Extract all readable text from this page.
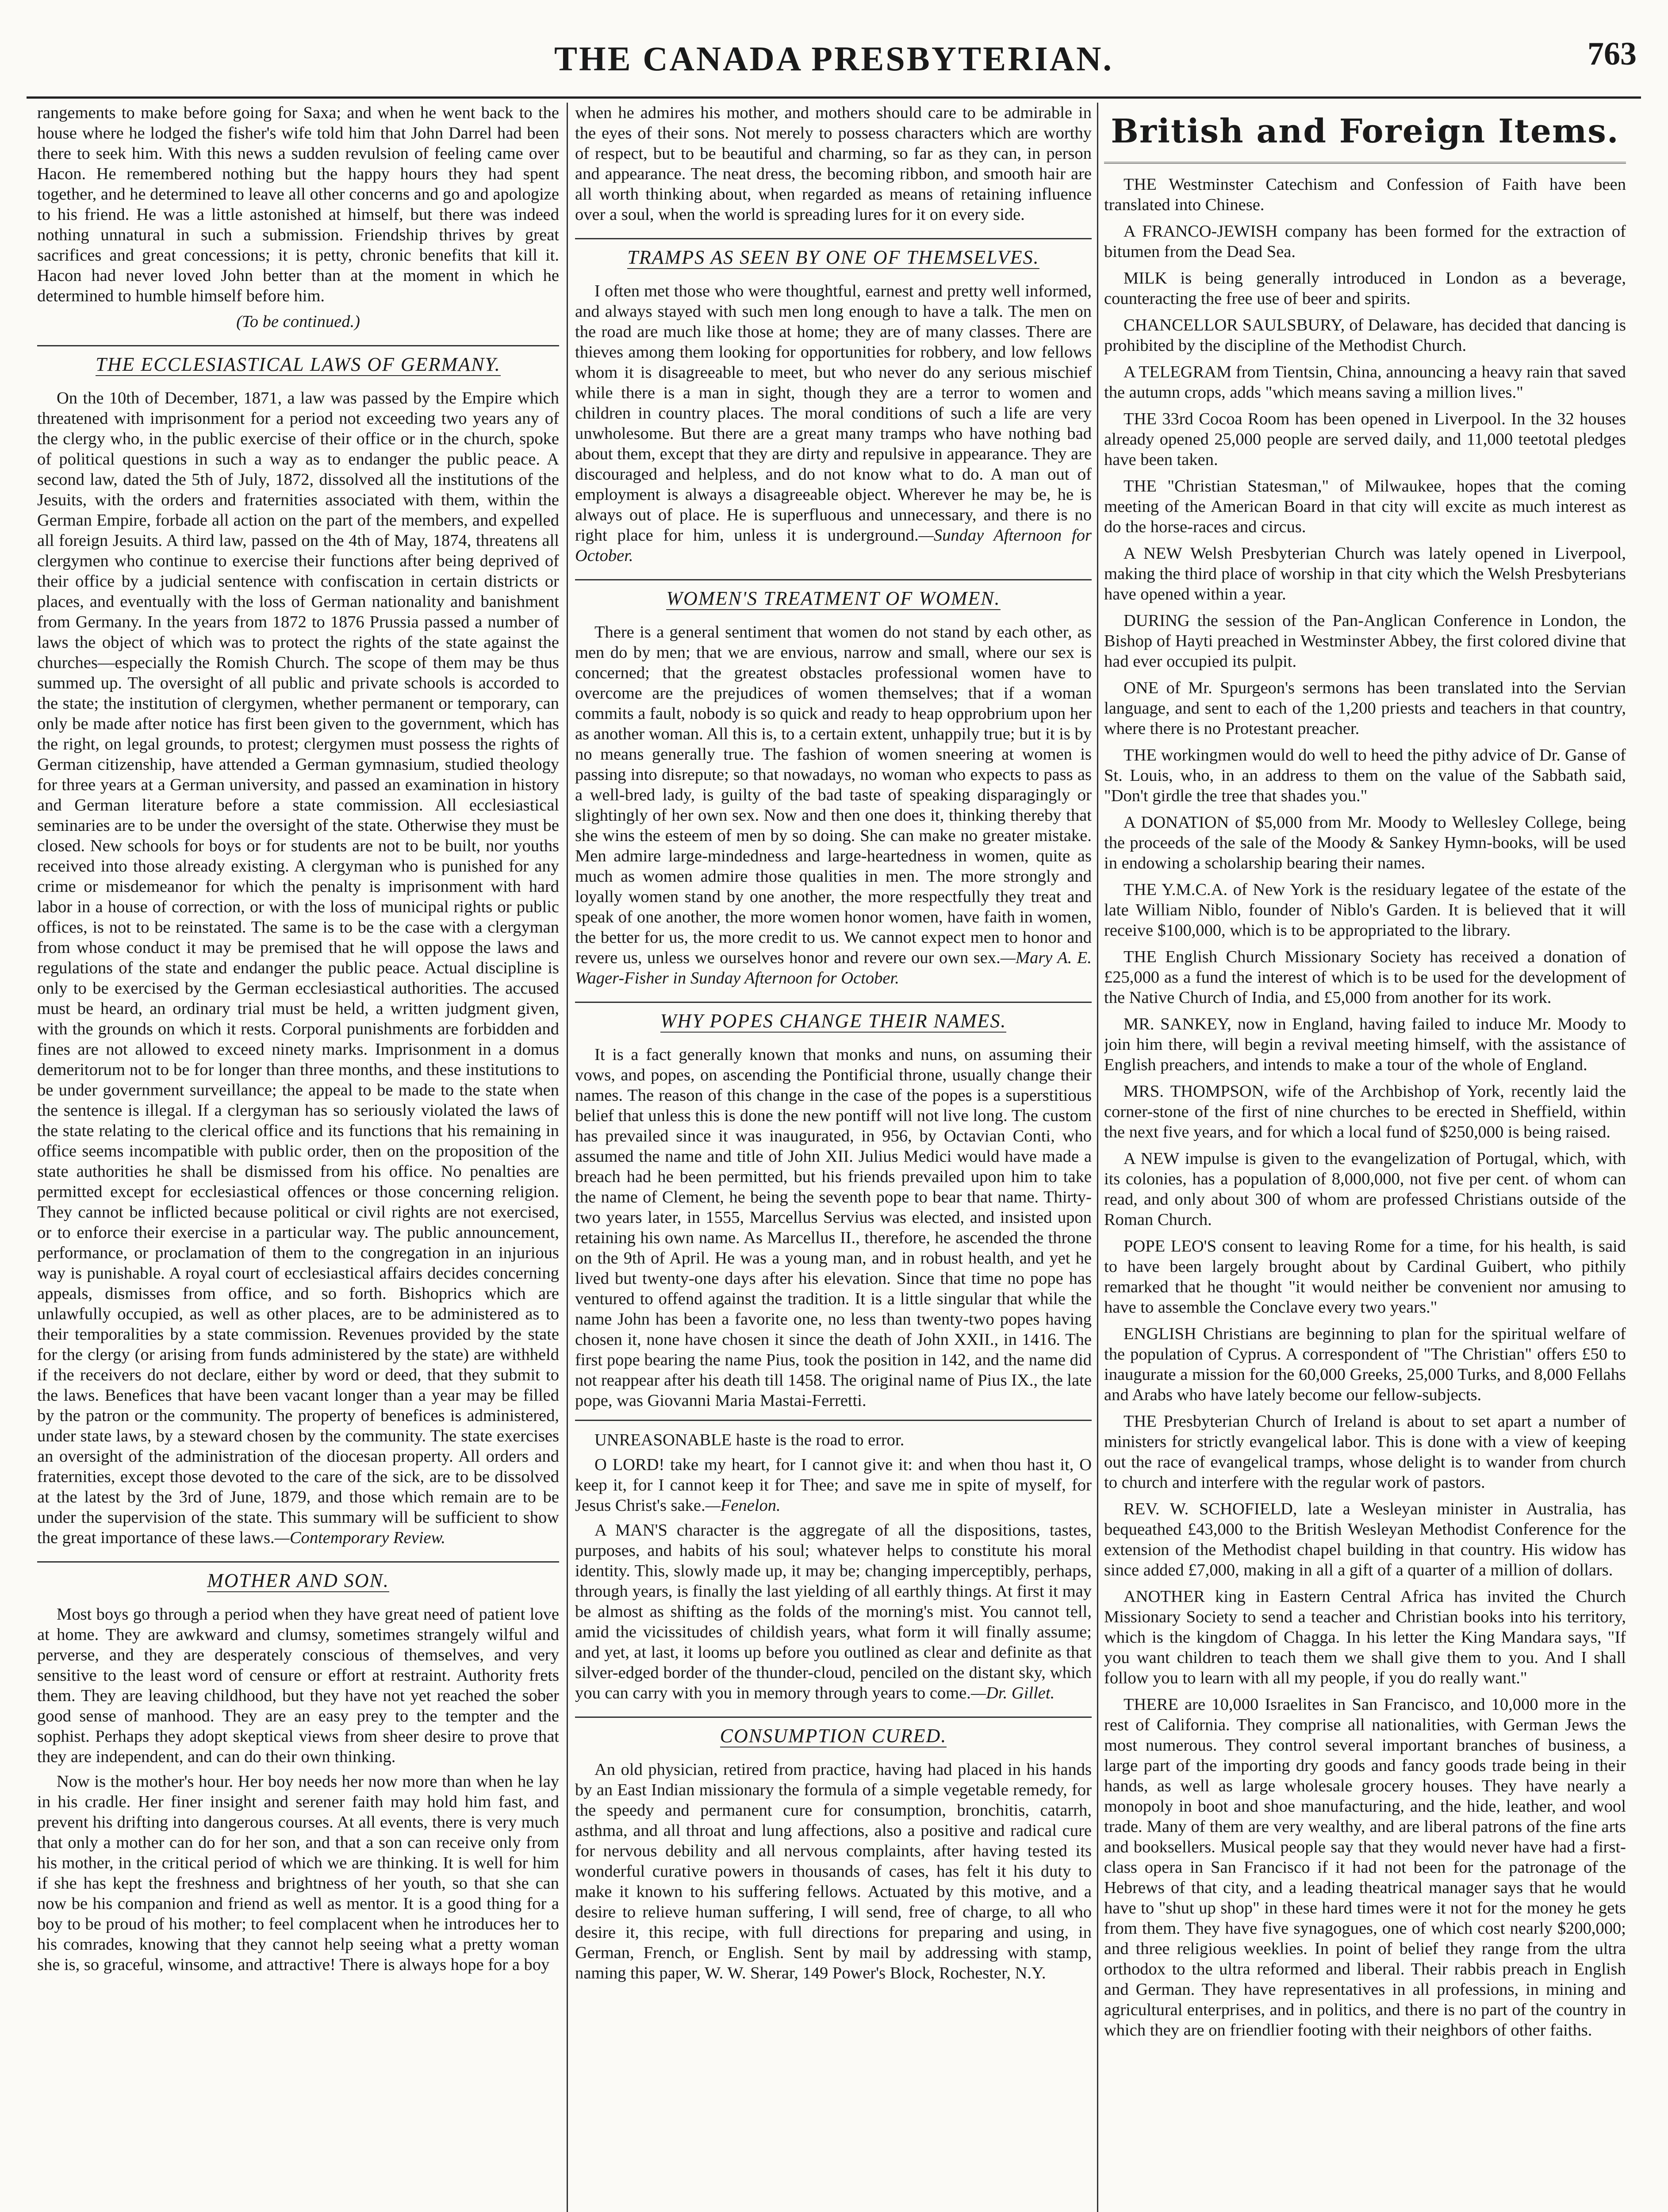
THE CANADA PRESBYTERIAN.	763

rangements to make before going for Saxa; and when he went back to the house where he lodged the fisher's wife told him that John Darrel had been there to seek him. With this news a sudden revulsion of feeling came over Hacon. He remembered nothing but the happy hours they had spent together, and he determined to leave all other concerns and go and apologize to his friend. He was a little astonished at himself, but there was indeed nothing unnatural in such a submission. Friendship thrives by great sacrifices and great concessions; it is petty, chronic benefits that kill it. Hacon had never loved John better than at the moment in which he determined to humble himself before him.

(To be continued.)

THE ECCLESIASTICAL LAWS OF GERMANY.

On the 10th of December, 1871, a law was passed by the Empire which threatened with imprisonment for a period not exceeding two years any of the clergy who, in the public exercise of their office or in the church, spoke of political questions in such a way as to endanger the public peace. A second law, dated the 5th of July, 1872, dissolved all the institutions of the Jesuits, with the orders and fraternities associated with them, within the German Empire, forbade all action on the part of the members, and expelled all foreign Jesuits. A third law, passed on the 4th of May, 1874, threatens all clergymen who continue to exercise their functions after being deprived of their office by a judicial sentence with confiscation in certain districts or places, and eventually with the loss of German nationality and banishment from Germany. In the years from 1872 to 1876 Prussia passed a number of laws the object of which was to protect the rights of the state against the churches—especially the Romish Church. The scope of them may be thus summed up. The oversight of all public and private schools is accorded to the state; the institution of clergymen, whether permanent or temporary, can only be made after notice has first been given to the government, which has the right, on legal grounds, to protest; clergymen must possess the rights of German citizenship, have attended a German gymnasium, studied theology for three years at a German university, and passed an examination in history and German literature before a state commission. All ecclesiastical seminaries are to be under the oversight of the state. Otherwise they must be closed. New schools for boys or for students are not to be built, nor youths received into those already existing. A clergyman who is punished for any crime or misdemeanor for which the penalty is imprisonment with hard labor in a house of correction, or with the loss of municipal rights or public offices, is not to be reinstated. The same is to be the case with a clergyman from whose conduct it may be premised that he will oppose the laws and regulations of the state and endanger the public peace. Actual discipline is only to be exercised by the German ecclesiastical authorities. The accused must be heard, an ordinary trial must be held, a written judgment given, with the grounds on which it rests. Corporal punishments are forbidden and fines are not allowed to exceed ninety marks. Imprisonment in a domus demeritorum not to be for longer than three months, and these institutions to be under government surveillance; the appeal to be made to the state when the sentence is illegal. If a clergyman has so seriously violated the laws of the state relating to the clerical office and its functions that his remaining in office seems incompatible with public order, then on the proposition of the state authorities he shall be dismissed from his office. No penalties are permitted except for ecclesiastical offences or those concerning religion. They cannot be inflicted because political or civil rights are not exercised, or to enforce their exercise in a particular way. The public announcement, performance, or proclamation of them to the congregation in an injurious way is punishable. A royal court of ecclesiastical affairs decides concerning appeals, dismisses from office, and so forth. Bishoprics which are unlawfully occupied, as well as other places, are to be administered as to their temporalities by a state commission. Revenues provided by the state for the clergy (or arising from funds administered by the state) are withheld if the receivers do not declare, either by word or deed, that they submit to the laws. Benefices that have been vacant longer than a year may be filled by the patron or the community. The property of benefices is administered, under state laws, by a steward chosen by the community. The state exercises an oversight of the administration of the diocesan property. All orders and fraternities, except those devoted to the care of the sick, are to be dissolved at the latest by the 3rd of June, 1879, and those which remain are to be under the supervision of the state. This summary will be sufficient to show the great importance of these laws.—Contemporary Review.

MOTHER AND SON.

Most boys go through a period when they have great need of patient love at home. They are awkward and clumsy, sometimes strangely wilful and perverse, and they are desperately conscious of themselves, and very sensitive to the least word of censure or effort at restraint. Authority frets them. They are leaving childhood, but they have not yet reached the sober good sense of manhood. They are an easy prey to the tempter and the sophist. Perhaps they adopt skeptical views from sheer desire to prove that they are independent, and can do their own thinking.

Now is the mother's hour. Her boy needs her now more than when he lay in his cradle. Her finer insight and serener faith may hold him fast, and prevent his drifting into dangerous courses. At all events, there is very much that only a mother can do for her son, and that a son can receive only from his mother, in the critical period of which we are thinking. It is well for him if she has kept the freshness and brightness of her youth, so that she can now be his companion and friend as well as mentor. It is a good thing for a boy to be proud of his mother; to feel complacent when he introduces her to his comrades, knowing that they cannot help seeing what a pretty woman she is, so graceful, winsome, and attractive! There is always hope for a boy

when he admires his mother, and mothers should care to be admirable in the eyes of their sons. Not merely to possess characters which are worthy of respect, but to be beautiful and charming, so far as they can, in person and appearance. The neat dress, the becoming ribbon, and smooth hair are all worth thinking about, when regarded as means of retaining influence over a soul, when the world is spreading lures for it on every side.

TRAMPS AS SEEN BY ONE OF THEMSELVES.

I often met those who were thoughtful, earnest and pretty well informed, and always stayed with such men long enough to have a talk. The men on the road are much like those at home; they are of many classes. There are thieves among them looking for opportunities for robbery, and low fellows whom it is disagreeable to meet, but who never do any serious mischief while there is a man in sight, though they are a terror to women and children in country places. The moral conditions of such a life are very unwholesome. But there are a great many tramps who have nothing bad about them, except that they are dirty and repulsive in appearance. They are discouraged and helpless, and do not know what to do. A man out of employment is always a disagreeable object. Wherever he may be, he is always out of place. He is superfluous and unnecessary, and there is no right place for him, unless it is underground.—Sunday Afternoon for October.

WOMEN'S TREATMENT OF WOMEN.

There is a general sentiment that women do not stand by each other, as men do by men; that we are envious, narrow and small, where our sex is concerned; that the greatest obstacles professional women have to overcome are the prejudices of women themselves; that if a woman commits a fault, nobody is so quick and ready to heap opprobrium upon her as another woman. All this is, to a certain extent, unhappily true; but it is by no means generally true. The fashion of women sneering at women is passing into disrepute; so that nowadays, no woman who expects to pass as a well-bred lady, is guilty of the bad taste of speaking disparagingly or slightingly of her own sex. Now and then one does it, thinking thereby that she wins the esteem of men by so doing. She can make no greater mistake. Men admire large-mindedness and large-heartedness in women, quite as much as women admire those qualities in men. The more strongly and loyally women stand by one another, the more respectfully they treat and speak of one another, the more women honor women, have faith in women, the better for us, the more credit to us. We cannot expect men to honor and revere us, unless we ourselves honor and revere our own sex.—Mary A. E. Wager-Fisher in Sunday Afternoon for October.

WHY POPES CHANGE THEIR NAMES.

It is a fact generally known that monks and nuns, on assuming their vows, and popes, on ascending the Pontificial throne, usually change their names. The reason of this change in the case of the popes is a superstitious belief that unless this is done the new pontiff will not live long. The custom has prevailed since it was inaugurated, in 956, by Octavian Conti, who assumed the name and title of John XII. Julius Medici would have made a breach had he been permitted, but his friends prevailed upon him to take the name of Clement, he being the seventh pope to bear that name. Thirty-two years later, in 1555, Marcellus Servius was elected, and insisted upon retaining his own name. As Marcellus II., therefore, he ascended the throne on the 9th of April. He was a young man, and in robust health, and yet he lived but twenty-one days after his elevation. Since that time no pope has ventured to offend against the tradition. It is a little singular that while the name John has been a favorite one, no less than twenty-two popes having chosen it, none have chosen it since the death of John XXII., in 1416. The first pope bearing the name Pius, took the position in 142, and the name did not reappear after his death till 1458. The original name of Pius IX., the late pope, was Giovanni Maria Mastai-Ferretti.

UNREASONABLE haste is the road to error.

O LORD! take my heart, for I cannot give it: and when thou hast it, O keep it, for I cannot keep it for Thee; and save me in spite of myself, for Jesus Christ's sake.—Fenelon.

A MAN'S character is the aggregate of all the dispositions, tastes, purposes, and habits of his soul; whatever helps to constitute his moral identity. This, slowly made up, it may be; changing imperceptibly, perhaps, through years, is finally the last yielding of all earthly things. At first it may be almost as shifting as the folds of the morning's mist. You cannot tell, amid the vicissitudes of childish years, what form it will finally assume; and yet, at last, it looms up before you outlined as clear and definite as that silver-edged border of the thunder-cloud, penciled on the distant sky, which you can carry with you in memory through years to come.—Dr. Gillet.

CONSUMPTION CURED.

An old physician, retired from practice, having had placed in his hands by an East Indian missionary the formula of a simple vegetable remedy, for the speedy and permanent cure for consumption, bronchitis, catarrh, asthma, and all throat and lung affections, also a positive and radical cure for nervous debility and all nervous complaints, after having tested its wonderful curative powers in thousands of cases, has felt it his duty to make it known to his suffering fellows. Actuated by this motive, and a desire to relieve human suffering, I will send, free of charge, to all who desire it, this recipe, with full directions for preparing and using, in German, French, or English. Sent by mail by addressing with stamp, naming this paper, W. W. Sherar, 149 Power's Block, Rochester, N.Y.

British and Foreign Items.

THE Westminster Catechism and Confession of Faith have been translated into Chinese.

A FRANCO-JEWISH company has been formed for the extraction of bitumen from the Dead Sea.

MILK is being generally introduced in London as a beverage, counteracting the free use of beer and spirits.

CHANCELLOR SAULSBURY, of Delaware, has decided that dancing is prohibited by the discipline of the Methodist Church.

A TELEGRAM from Tientsin, China, announcing a heavy rain that saved the autumn crops, adds "which means saving a million lives."

THE 33rd Cocoa Room has been opened in Liverpool. In the 32 houses already opened 25,000 people are served daily, and 11,000 teetotal pledges have been taken.

THE "Christian Statesman," of Milwaukee, hopes that the coming meeting of the American Board in that city will excite as much interest as do the horse-races and circus.

A NEW Welsh Presbyterian Church was lately opened in Liverpool, making the third place of worship in that city which the Welsh Presbyterians have opened within a year.

DURING the session of the Pan-Anglican Conference in London, the Bishop of Hayti preached in Westminster Abbey, the first colored divine that had ever occupied its pulpit.

ONE of Mr. Spurgeon's sermons has been translated into the Servian language, and sent to each of the 1,200 priests and teachers in that country, where there is no Protestant preacher.

THE workingmen would do well to heed the pithy advice of Dr. Ganse of St. Louis, who, in an address to them on the value of the Sabbath said, "Don't girdle the tree that shades you."

A DONATION of $5,000 from Mr. Moody to Wellesley College, being the proceeds of the sale of the Moody & Sankey Hymn-books, will be used in endowing a scholarship bearing their names.

THE Y.M.C.A. of New York is the residuary legatee of the estate of the late William Niblo, founder of Niblo's Garden. It is believed that it will receive $100,000, which is to be appropriated to the library.

THE English Church Missionary Society has received a donation of £25,000 as a fund the interest of which is to be used for the development of the Native Church of India, and £5,000 from another for its work.

MR. SANKEY, now in England, having failed to induce Mr. Moody to join him there, will begin a revival meeting himself, with the assistance of English preachers, and intends to make a tour of the whole of England.

MRS. THOMPSON, wife of the Archbishop of York, recently laid the corner-stone of the first of nine churches to be erected in Sheffield, within the next five years, and for which a local fund of $250,000 is being raised.

A NEW impulse is given to the evangelization of Portugal, which, with its colonies, has a population of 8,000,000, not five per cent. of whom can read, and only about 300 of whom are professed Christians outside of the Roman Church.

POPE LEO'S consent to leaving Rome for a time, for his health, is said to have been largely brought about by Cardinal Guibert, who pithily remarked that he thought "it would neither be convenient nor amusing to have to assemble the Conclave every two years."

ENGLISH Christians are beginning to plan for the spiritual welfare of the population of Cyprus. A correspondent of "The Christian" offers £50 to inaugurate a mission for the 60,000 Greeks, 25,000 Turks, and 8,000 Fellahs and Arabs who have lately become our fellow-subjects.

THE Presbyterian Church of Ireland is about to set apart a number of ministers for strictly evangelical labor. This is done with a view of keeping out the race of evangelical tramps, whose delight is to wander from church to church and interfere with the regular work of pastors.

REV. W. SCHOFIELD, late a Wesleyan minister in Australia, has bequeathed £43,000 to the British Wesleyan Methodist Conference for the extension of the Methodist chapel building in that country. His widow has since added £7,000, making in all a gift of a quarter of a million of dollars.

ANOTHER king in Eastern Central Africa has invited the Church Missionary Society to send a teacher and Christian books into his territory, which is the kingdom of Chagga. In his letter the King Mandara says, "If you want children to teach them we shall give them to you. And I shall follow you to learn with all my people, if you do really want."

THERE are 10,000 Israelites in San Francisco, and 10,000 more in the rest of California. They comprise all nationalities, with German Jews the most numerous. They control several important branches of business, a large part of the importing dry goods and fancy goods trade being in their hands, as well as large wholesale grocery houses. They have nearly a monopoly in boot and shoe manufacturing, and the hide, leather, and wool trade. Many of them are very wealthy, and are liberal patrons of the fine arts and booksellers. Musical people say that they would never have had a first-class opera in San Francisco if it had not been for the patronage of the Hebrews of that city, and a leading theatrical manager says that he would have to "shut up shop" in these hard times were it not for the money he gets from them. They have five synagogues, one of which cost nearly $200,000; and three religious weeklies. In point of belief they range from the ultra orthodox to the ultra reformed and liberal. Their rabbis preach in English and German. They have representatives in all professions, in mining and agricultural enterprises, and in politics, and there is no part of the country in which they are on friendlier footing with their neighbors of other faiths.
